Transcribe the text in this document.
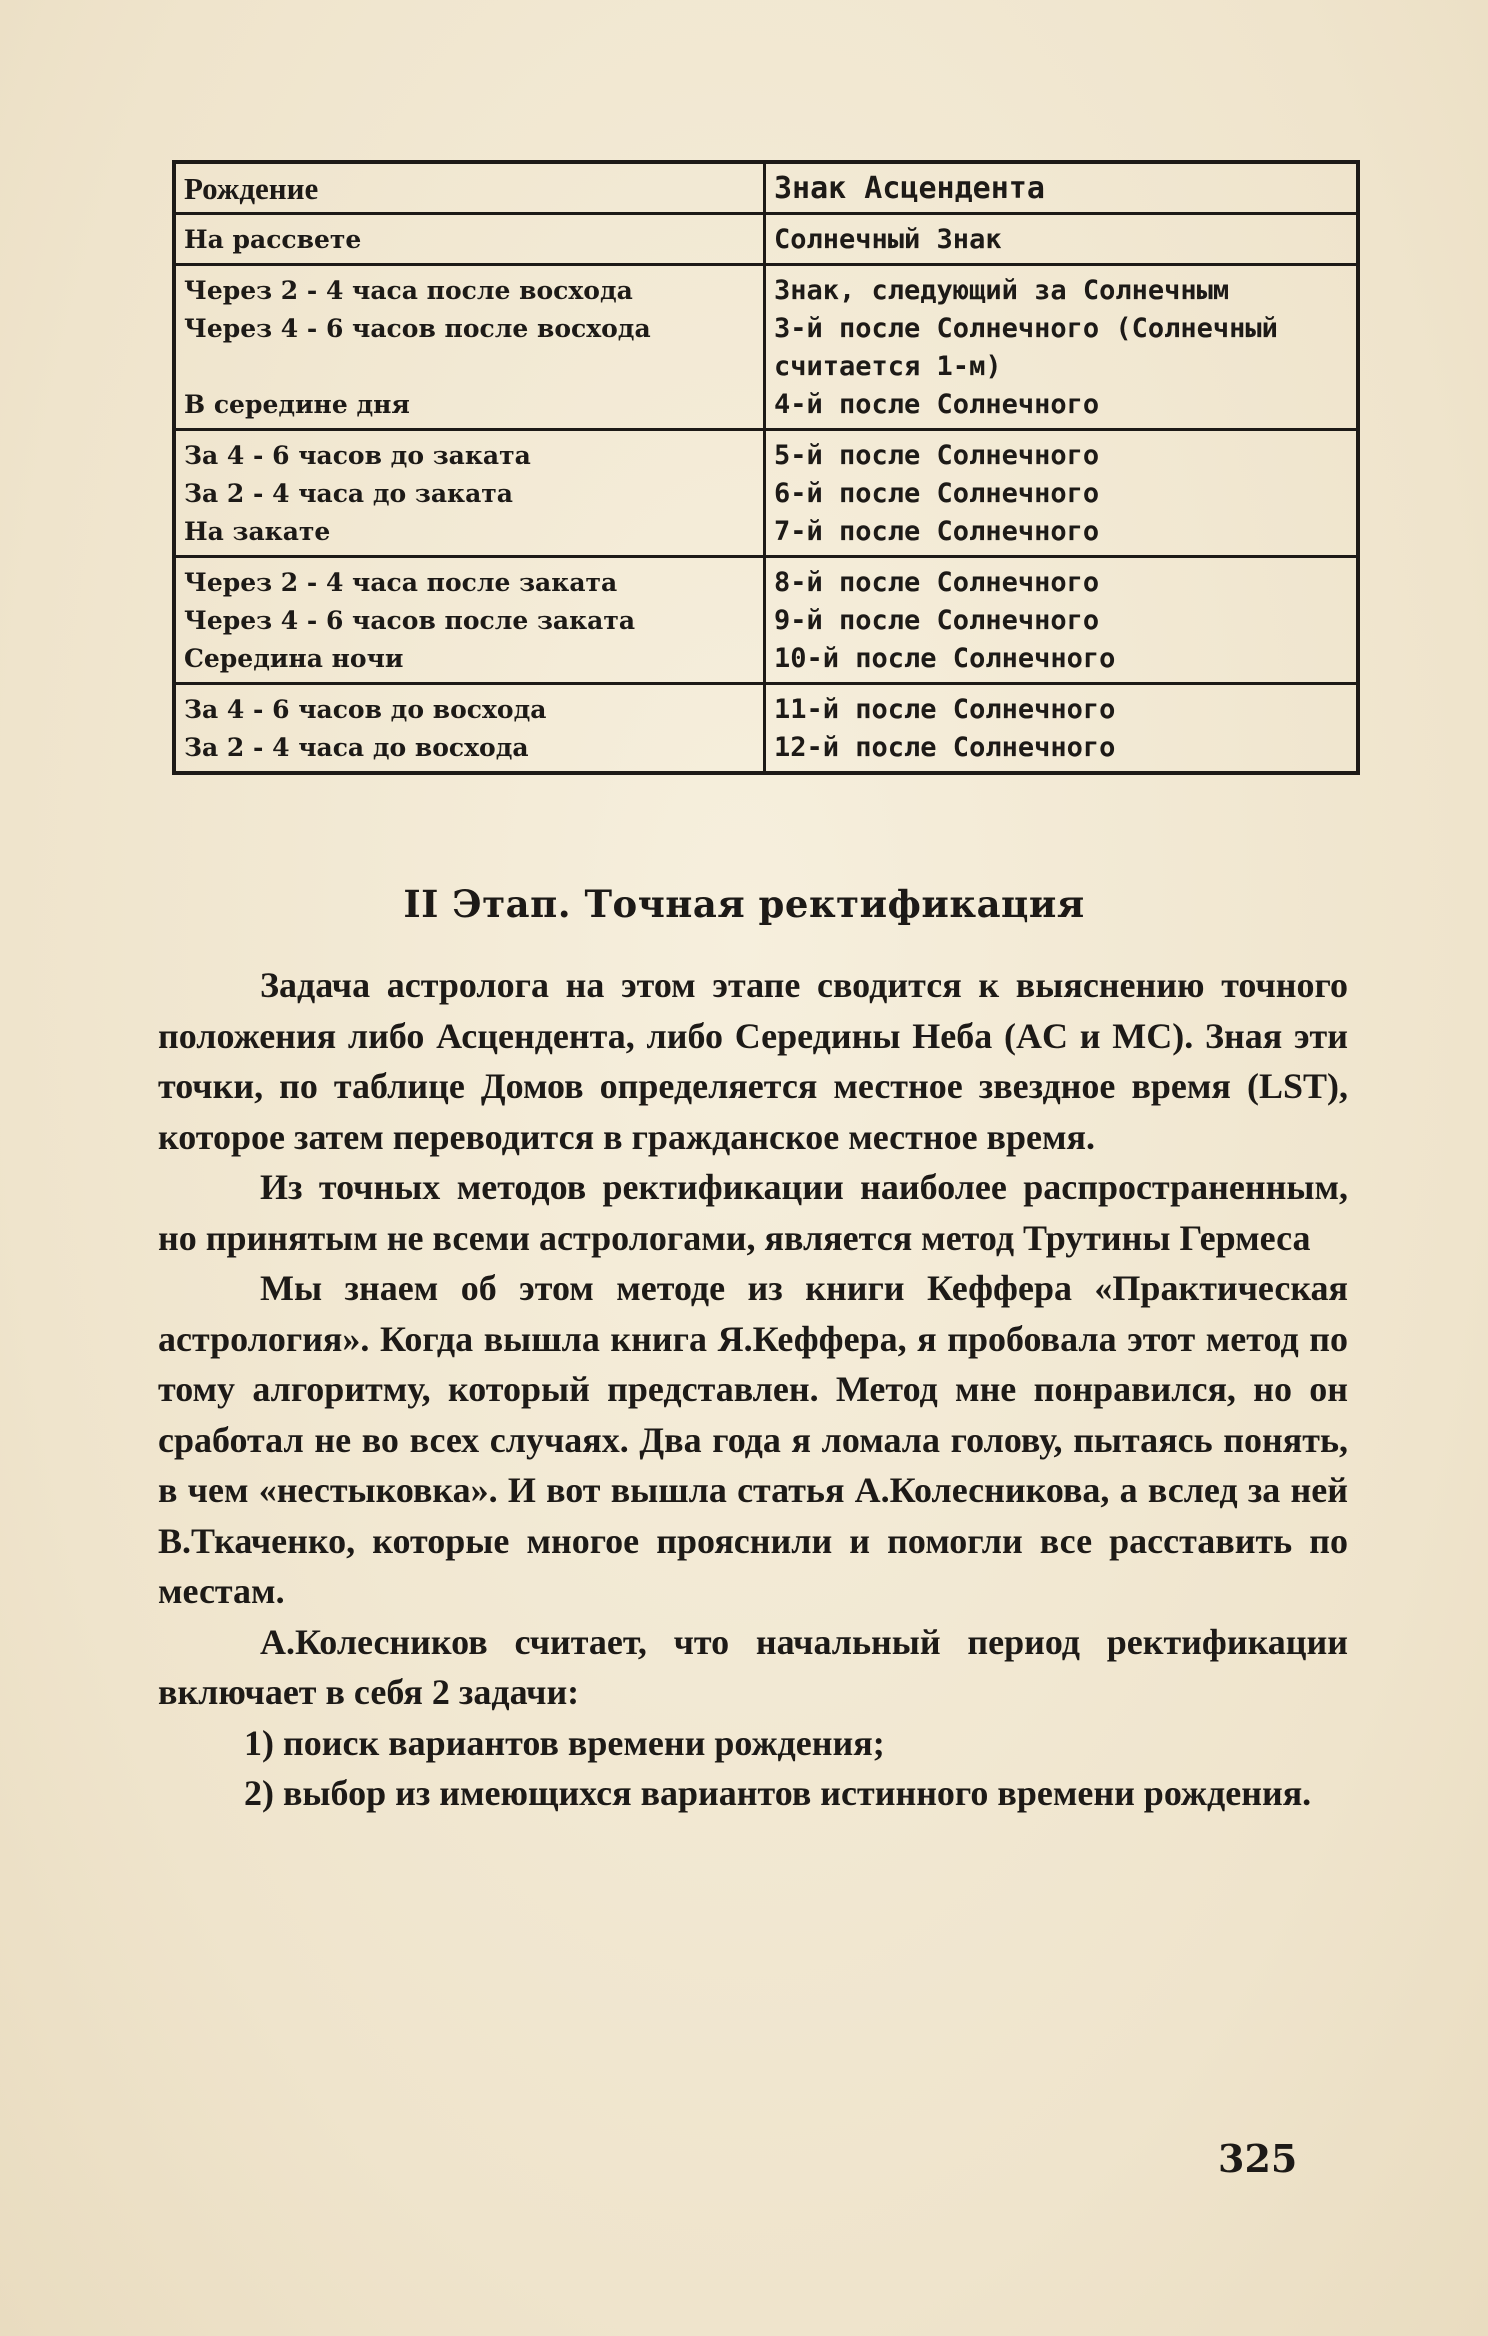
Рождение	Знак Асцендента
На рассвете	Солнечный Знак
Через 2 - 4 часа после восхода
Через 4 - 6 часов после восхода

В середине дня
Знак, следующий за Солнечным
3-й после Солнечного (Солнечный
считается 1-м)
4-й после Солнечного
За 4 - 6 часов до заката
За 2 - 4 часа до заката
На закате
5-й после Солнечного
6-й после Солнечного
7-й после Солнечного
Через 2 - 4 часа после заката
Через 4 - 6 часов после заката
Середина ночи
8-й после Солнечного
9-й после Солнечного
10-й после Солнечного
За 4 - 6 часов до восхода
За 2 - 4 часа до восхода
11-й после Солнечного
12-й после Солнечного
II Этап. Точная ректификация

Задача астролога на этом этапе сводится к выяснению точного положения либо Асцендента, либо Середины Неба (AC и MC). Зная эти точки, по таблице Домов определяется местное звездное время (LST), которое затем переводится в гражданское местное время.

Из точных методов ректификации наиболее распространенным, но принятым не всеми астрологами, является метод Трутины Гермеса

Мы знаем об этом методе из книги Кеффера «Практическая астрология». Когда вышла книга Я.Кеффера, я пробовала этот метод по тому алгоритму, который представлен. Метод мне понравился, но он сработал не во всех случаях. Два года я ломала голову, пытаясь понять, в чем «нестыковка». И вот вышла статья А.Колесникова, а вслед за ней В.Ткаченко, которые многое прояснили и помогли все расставить по местам.

А.Колесников считает, что начальный период ректификации включает в себя 2 задачи:

1) поиск вариантов времени рождения;

2) выбор из имеющихся вариантов истинного времени рождения.

325
